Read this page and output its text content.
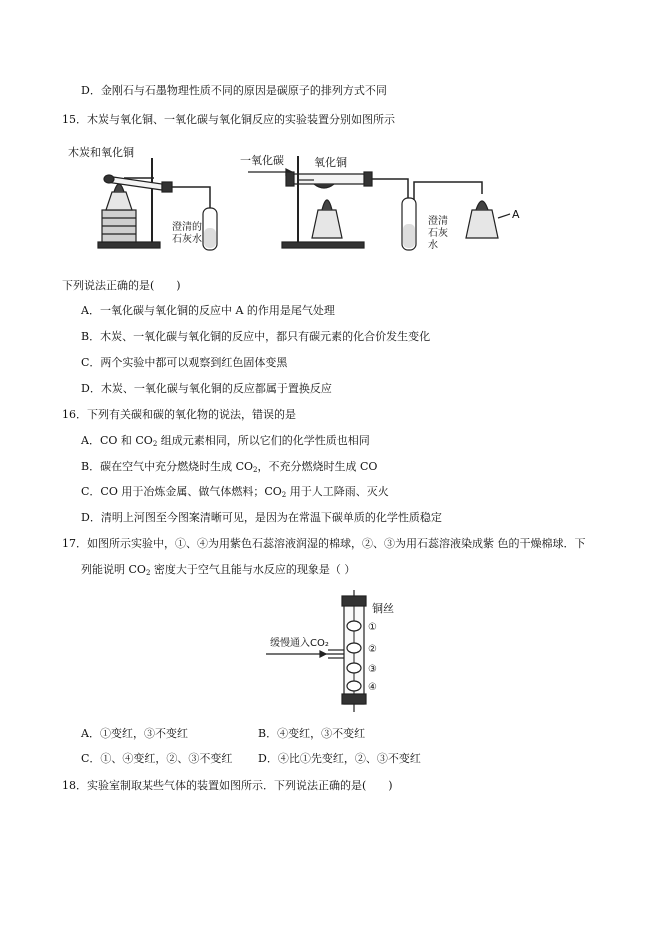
D．金刚石与石墨物理性质不同的原因是碳原子的排列方式不同
15．木炭与氧化铜、一氧化碳与氧化铜反应的实验装置分别如图所示
木炭和氧化铜
澄清的
石灰水
一氧化碳	氧化铜
澄清
石灰
水
A
下列说法正确的是(　　)
A．一氧化碳与氧化铜的反应中 A 的作用是尾气处理
B．木炭、一氧化碳与氧化铜的反应中，都只有碳元素的化合价发生变化
C．两个实验中都可以观察到红色固体变黑
D．木炭、一氧化碳与氧化铜的反应都属于置换反应
16．下列有关碳和碳的氧化物的说法，错误的是
A．CO 和 $CO_2$ 组成元素相同，所以它们的化学性质也相同
B．碳在空气中充分燃烧时生成 $CO_2$，不充分燃烧时生成 CO
C．CO 用于冶炼金属、做气体燃料；$CO_2$ 用于人工降雨、灭火
D．清明上河图至今图案清晰可见，是因为在常温下碳单质的化学性质稳定
17．如图所示实验中，①、④为用紫色石蕊溶液润湿的棉球，②、③为用石蕊溶液染成紫 色的干燥棉球．下
列能说明 $CO_2$ 密度大于空气且能与水反应的现象是（ ）
缓慢通入CO₂
铜丝
①
②
③
④
A．①变红，③不变红	B．④变红，③不变红
C．①、④变红，②、③不变红 D．④比①先变红，②、③不变红
18．实验室制取某些气体的装置如图所示．下列说法正确的是(　　)
